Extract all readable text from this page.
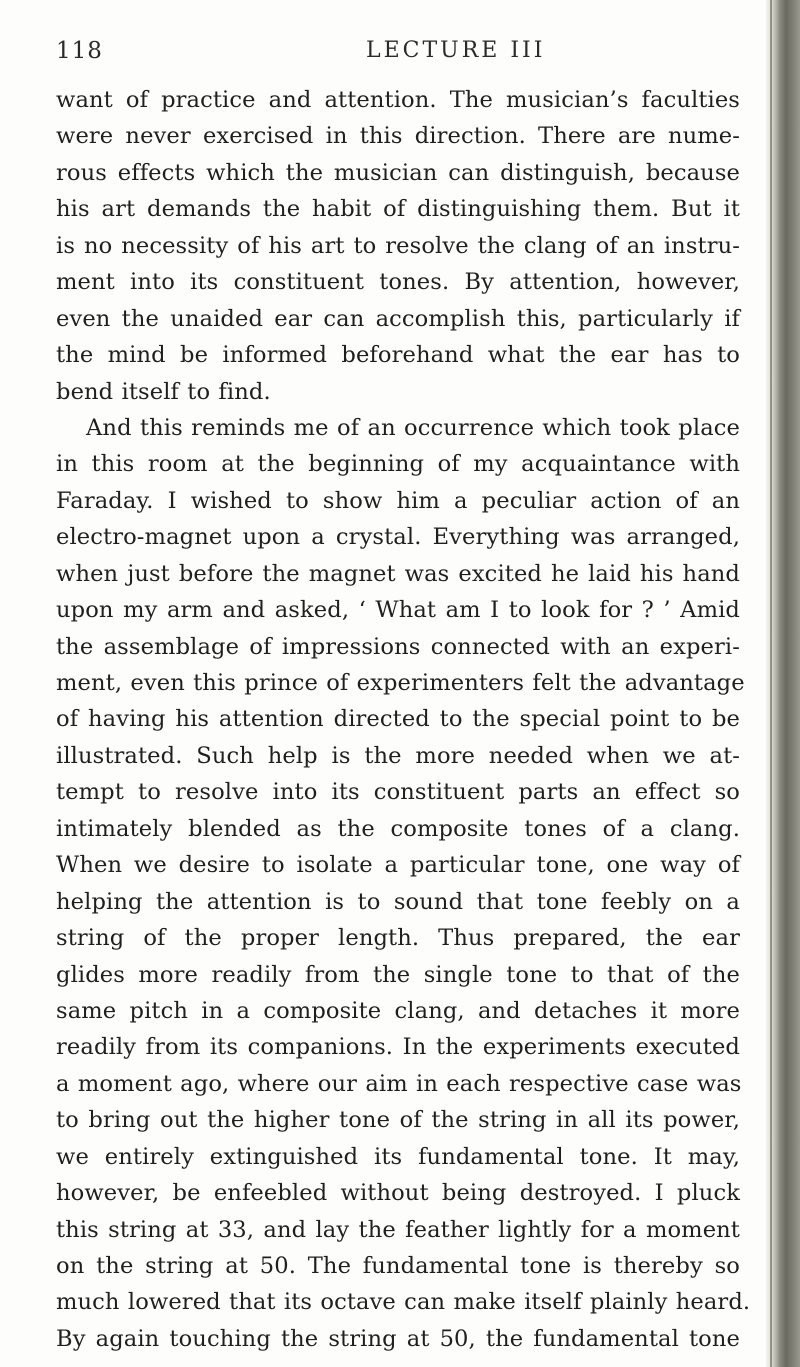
118	LECTURE III
want of practice and attention. The musician’s faculties
were never exercised in this direction. There are nume-
rous effects which the musician can distinguish, because
his art demands the habit of distinguishing them. But it
is no necessity of his art to resolve the clang of an instru-
ment into its constituent tones. By attention, however,
even the unaided ear can accomplish this, particularly if
the mind be informed beforehand what the ear has to
bend itself to find.
And this reminds me of an occurrence which took place
in this room at the beginning of my acquaintance with
Faraday. I wished to show him a peculiar action of an
electro-magnet upon a crystal. Everything was arranged,
when just before the magnet was excited he laid his hand
upon my arm and asked, ‘ What am I to look for ? ’ Amid
the assemblage of impressions connected with an experi-
ment, even this prince of experimenters felt the advantage
of having his attention directed to the special point to be
illustrated. Such help is the more needed when we at-
tempt to resolve into its constituent parts an effect so
intimately blended as the composite tones of a clang.
When we desire to isolate a particular tone, one way of
helping the attention is to sound that tone feebly on a
string of the proper length. Thus prepared, the ear
glides more readily from the single tone to that of the
same pitch in a composite clang, and detaches it more
readily from its companions. In the experiments executed
a moment ago, where our aim in each respective case was
to bring out the higher tone of the string in all its power,
we entirely extinguished its fundamental tone. It may,
however, be enfeebled without being destroyed. I pluck
this string at 33, and lay the feather lightly for a moment
on the string at 50. The fundamental tone is thereby so
much lowered that its octave can make itself plainly heard.
By again touching the string at 50, the fundamental tone
